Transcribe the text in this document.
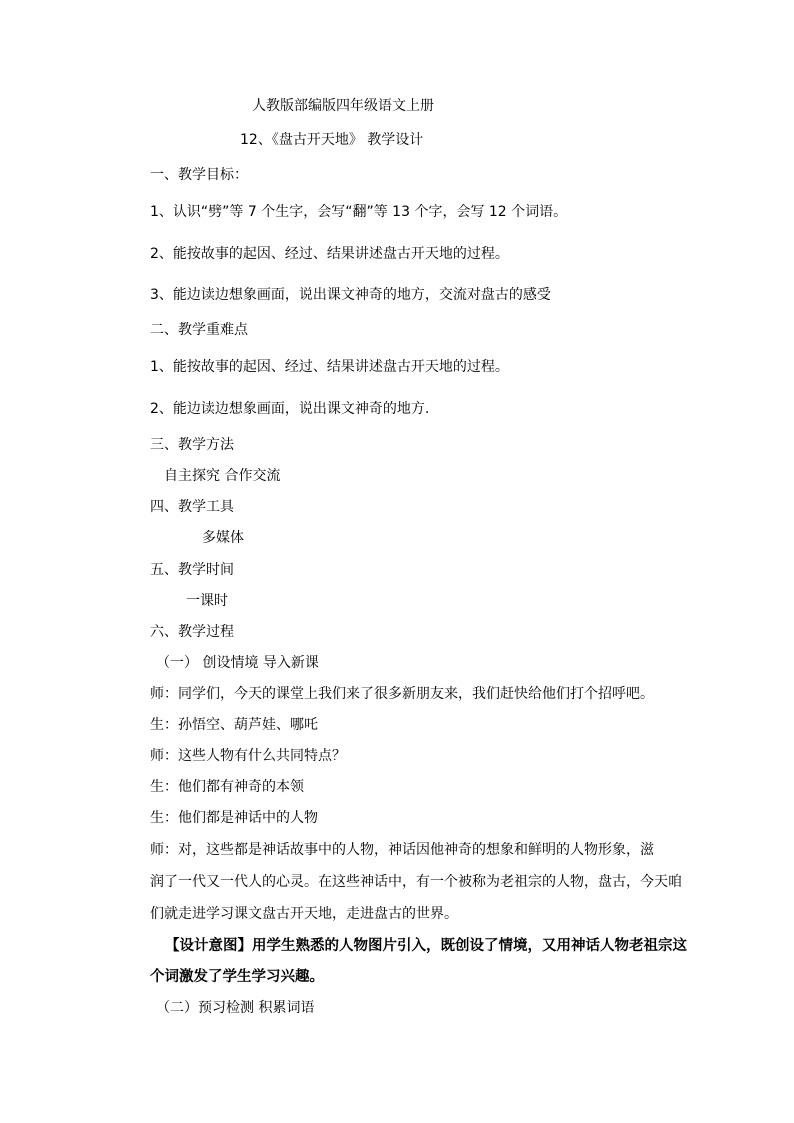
人教版部编版四年级语文上册
12、《盘古开天地》 教学设计
一、教学目标：
1、认识“劈”等 7 个生字，会写“翻”等 13 个字，会写 12 个词语。
2、能按故事的起因、经过、结果讲述盘古开天地的过程。
3、能边读边想象画面，说出课文神奇的地方，交流对盘古的感受
二、教学重难点
1、能按故事的起因、经过、结果讲述盘古开天地的过程。
2、能边读边想象画面，说出课文神奇的地方.
三、教学方法
自主探究 合作交流
四、教学工具
多媒体
五、教学时间
一课时
六、教学过程
（一） 创设情境 导入新课
师：同学们，今天的课堂上我们来了很多新朋友来，我们赶快给他们打个招呼吧。
生：孙悟空、葫芦娃、哪吒
师：这些人物有什么共同特点？
生：他们都有神奇的本领
生：他们都是神话中的人物
师：对，这些都是神话故事中的人物，神话因他神奇的想象和鲜明的人物形象，滋
润了一代又一代人的心灵。在这些神话中，有一个被称为老祖宗的人物，盘古，今天咱
们就走进学习课文盘古开天地，走进盘古的世界。
【设计意图】用学生熟悉的人物图片引入，既创设了情境，又用神话人物老祖宗这
个词激发了学生学习兴趣。
（二）预习检测 积累词语
